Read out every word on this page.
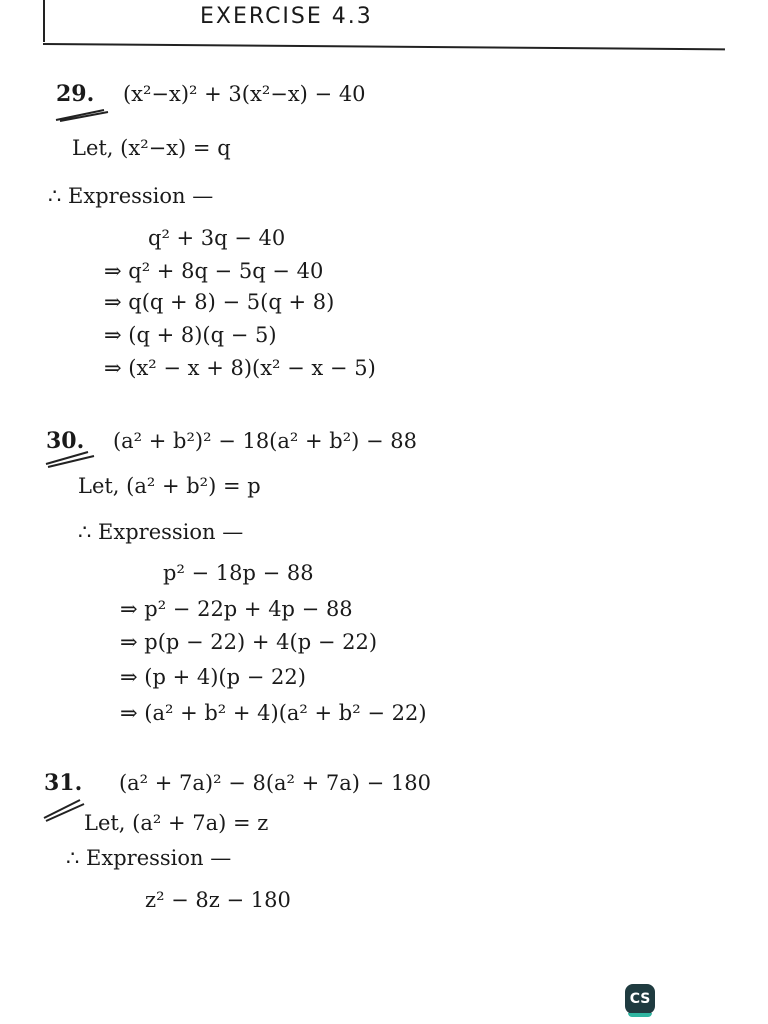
EXERCISE 4.3
29. (x²−x)² + 3(x²−x) − 40
Let, (x²−x) = q
∴ Expression —
q² + 3q − 40
⇒ q² + 8q − 5q − 40
⇒ q(q + 8) − 5(q + 8)
⇒ (q + 8)(q − 5)
⇒ (x² − x + 8)(x² − x − 5)
30. (a² + b²)² − 18(a² + b²) − 88
Let, (a² + b²) = p
∴ Expression —
p² − 18p − 88
⇒ p² − 22p + 4p − 88
⇒ p(p − 22) + 4(p − 22)
⇒ (p + 4)(p − 22)
⇒ (a² + b² + 4)(a² + b² − 22)
31. (a² + 7a)² − 8(a² + 7a) − 180
Let, (a² + 7a) = z
∴ Expression —
z² − 8z − 180
CS
